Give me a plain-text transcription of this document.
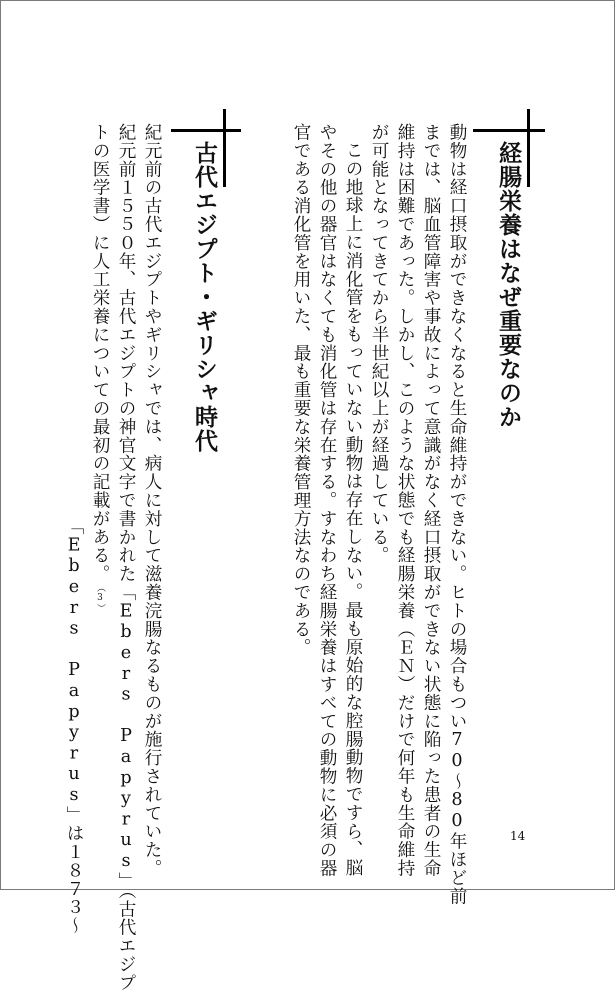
経腸栄養はなぜ重要なのか
動物は経口摂取ができなくなると生命維持ができない。ヒトの場合もつい70～80年ほど前
までは、脳血管障害や事故によって意識がなく経口摂取ができない状態に陥った患者の生命
維持は困難であった。しかし、このような状態でも経腸栄養（ＥＮ）だけで何年も生命維持
が可能となってきてから半世紀以上が経過している。
この地球上に消化管をもっていない動物は存在しない。最も原始的な腔腸動物ですら、脳
やその他の器官はなくても消化管は存在する。すなわち経腸栄養はすべての動物に必須の器
官である消化管を用いた、最も重要な栄養管理方法なのである。
古代エジプト・ギリシャ時代
紀元前の古代エジプトやギリシャでは、病人に対して滋養浣腸なるものが施行されていた。
紀元前１５５０年、古代エジプトの神官文字で書かれた「Ebers Papyrus」（古代エジプ
トの医学書）に人工栄養についての最初の記載がある。（3）
「Ebers Papyrus」は１８７３～	14
